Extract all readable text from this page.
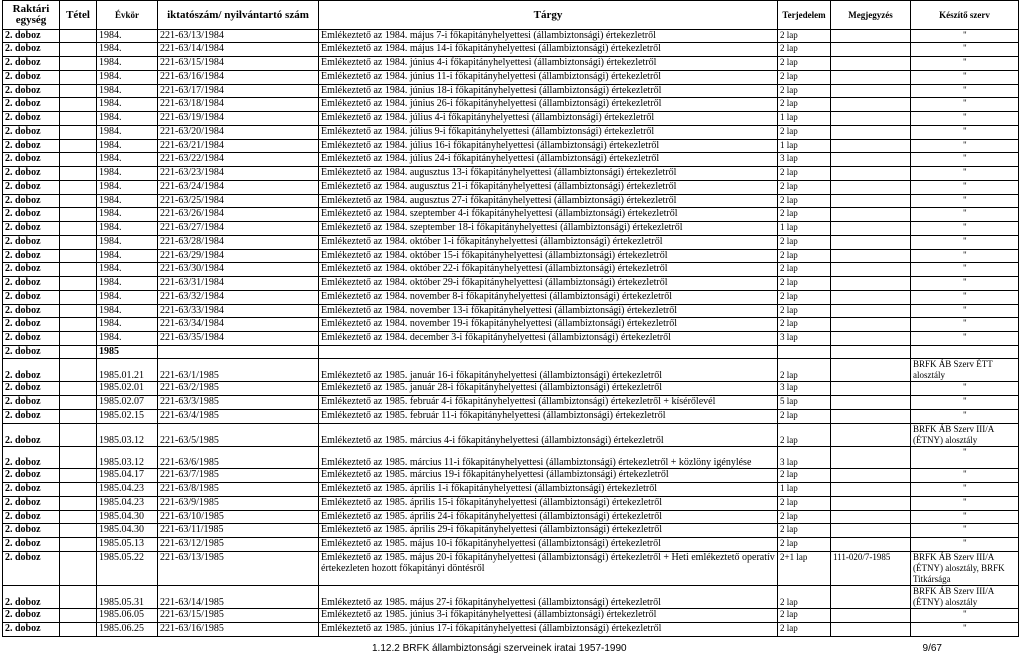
Raktári egység	Tétel	Évkör	iktatószám/ nyilvántartó szám	Tárgy	Terjedelem	Megjegyzés	Készítő szerv
2. doboz		1984.	221-63/13/1984	Emlékeztető az 1984. május 7-i főkapitányhelyettesi (állambiztonsági) értekezletről	2 lap		"
2. doboz		1984.	221-63/14/1984	Emlékeztető az 1984. május 14-i főkapitányhelyettesi (állambiztonsági) értekezletről	2 lap		"
2. doboz		1984.	221-63/15/1984	Emlékeztető az 1984. június 4-i főkapitányhelyettesi (állambiztonsági) értekezletről	2 lap		"
2. doboz		1984.	221-63/16/1984	Emlékeztető az 1984. június 11-i főkapitányhelyettesi (állambiztonsági) értekezletről	2 lap		"
2. doboz		1984.	221-63/17/1984	Emlékeztető az 1984. június 18-i főkapitányhelyettesi (állambiztonsági) értekezletről	2 lap		"
2. doboz		1984.	221-63/18/1984	Emlékeztető az 1984. június 26-i főkapitányhelyettesi (állambiztonsági) értekezletről	2 lap		"
2. doboz		1984.	221-63/19/1984	Emlékeztető az 1984. július 4-i főkapitányhelyettesi (állambiztonsági) értekezletről	1 lap		"
2. doboz		1984.	221-63/20/1984	Emlékeztető az 1984. július 9-i főkapitányhelyettesi (állambiztonsági) értekezletről	2 lap		"
2. doboz		1984.	221-63/21/1984	Emlékeztető az 1984. július 16-i főkapitányhelyettesi (állambiztonsági) értekezletről	1 lap		"
2. doboz		1984.	221-63/22/1984	Emlékeztető az 1984. július 24-i főkapitányhelyettesi (állambiztonsági) értekezletről	3 lap		"
2. doboz		1984.	221-63/23/1984	Emlékeztető az 1984. augusztus 13-i főkapitányhelyettesi (állambiztonsági) értekezletről	2 lap		"
2. doboz		1984.	221-63/24/1984	Emlékeztető az 1984. augusztus 21-i főkapitányhelyettesi (állambiztonsági) értekezletről	2 lap		"
2. doboz		1984.	221-63/25/1984	Emlékeztető az 1984. augusztus 27-i főkapitányhelyettesi (állambiztonsági) értekezletről	2 lap		"
2. doboz		1984.	221-63/26/1984	Emlékeztető az 1984. szeptember 4-i főkapitányhelyettesi (állambiztonsági) értekezletről	2 lap		"
2. doboz		1984.	221-63/27/1984	Emlékeztető az 1984. szeptember 18-i főkapitányhelyettesi (állambiztonsági) értekezletről	1 lap		"
2. doboz		1984.	221-63/28/1984	Emlékeztető az 1984. október 1-i főkapitányhelyettesi (állambiztonsági) értekezletről	2 lap		"
2. doboz		1984.	221-63/29/1984	Emlékeztető az 1984. október 15-i főkapitányhelyettesi (állambiztonsági) értekezletről	2 lap		"
2. doboz		1984.	221-63/30/1984	Emlékeztető az 1984. október 22-i főkapitányhelyettesi (állambiztonsági) értekezletről	2 lap		"
2. doboz		1984.	221-63/31/1984	Emlékeztető az 1984. október 29-i főkapitányhelyettesi (állambiztonsági) értekezletről	2 lap		"
2. doboz		1984.	221-63/32/1984	Emlékeztető az 1984. november 8-i főkapitányhelyettesi (állambiztonsági) értekezletről	2 lap		"
2. doboz		1984.	221-63/33/1984	Emlékeztető az 1984. november 13-i főkapitányhelyettesi (állambiztonsági) értekezletről	2 lap		"
2. doboz		1984.	221-63/34/1984	Emlékeztető az 1984. november 19-i főkapitányhelyettesi (állambiztonsági) értekezletről	2 lap		"
2. doboz		1984.	221-63/35/1984	Emlékeztető az 1984. december 3-i főkapitányhelyettesi (állambiztonsági) értekezletről	3 lap		"
2. doboz		1985					
2. doboz		1985.01.21	221-63/1/1985	Emlékeztető az 1985. január 16-i főkapitányhelyettesi (állambiztonsági) értekezletről	2 lap		BRFK ÁB Szerv ÉTT alosztály
2. doboz		1985.02.01	221-63/2/1985	Emlékeztető az 1985. január 28-i főkapitányhelyettesi (állambiztonsági) értekezletről	3 lap		"
2. doboz		1985.02.07	221-63/3/1985	Emlékeztető az 1985. február 4-i főkapitányhelyettesi (állambiztonsági) értekezletről + kísérőlevél	5 lap		"
2. doboz		1985.02.15	221-63/4/1985	Emlékeztető az 1985. február 11-i főkapitányhelyettesi (állambiztonsági) értekezletről	2 lap		"
2. doboz		1985.03.12	221-63/5/1985	Emlékeztető az 1985. március 4-i főkapitányhelyettesi (állambiztonsági) értekezletről	2 lap		BRFK ÁB Szerv III/A (ÉTNY) alosztály
2. doboz		1985.03.12	221-63/6/1985	Emlékeztető az 1985. március 11-i főkapitányhelyettesi (állambiztonsági) értekezletről + közlöny igénylése	3 lap		"
2. doboz		1985.04.17	221-63/7/1985	Emlékeztető az 1985. március 19-i főkapitányhelyettesi (állambiztonsági) értekezletről	2 lap		"
2. doboz		1985.04.23	221-63/8/1985	Emlékeztető az 1985. április 1-i főkapitányhelyettesi (állambiztonsági) értekezletről	1 lap		"
2. doboz		1985.04.23	221-63/9/1985	Emlékeztető az 1985. április 15-i főkapitányhelyettesi (állambiztonsági) értekezletről	2 lap		"
2. doboz		1985.04.30	221-63/10/1985	Emlékeztető az 1985. április 24-i főkapitányhelyettesi (állambiztonsági) értekezletről	2 lap		"
2. doboz		1985.04.30	221-63/11/1985	Emlékeztető az 1985. április 29-i főkapitányhelyettesi (állambiztonsági) értekezletről	2 lap		"
2. doboz		1985.05.13	221-63/12/1985	Emlékeztető az 1985. május 10-i főkapitányhelyettesi (állambiztonsági) értekezletről	2 lap		"
2. doboz		1985.05.22	221-63/13/1985	Emlékeztető az 1985. május 20-i főkapitányhelyettesi (állambiztonsági) értekezletről + Heti emlékeztető operatív értekezleten hozott főkapitányi döntésről	2+1 lap	111-020/7-1985	BRFK ÁB Szerv III/A (ÉTNY) alosztály, BRFK Titkársága
2. doboz		1985.05.31	221-63/14/1985	Emlékeztető az 1985. május 27-i főkapitányhelyettesi (állambiztonsági) értekezletről	2 lap		BRFK ÁB Szerv III/A (ÉTNY) alosztály
2. doboz		1985.06.05	221-63/15/1985	Emlékeztető az 1985. június 3-i főkapitányhelyettesi (állambiztonsági) értekezletről	2 lap		"
2. doboz		1985.06.25	221-63/16/1985	Emlékeztető az 1985. június 17-i főkapitányhelyettesi (állambiztonsági) értekezletről	2 lap		"
1.12.2 BRFK állambiztonsági szerveinek iratai 1957-1990	9/67
